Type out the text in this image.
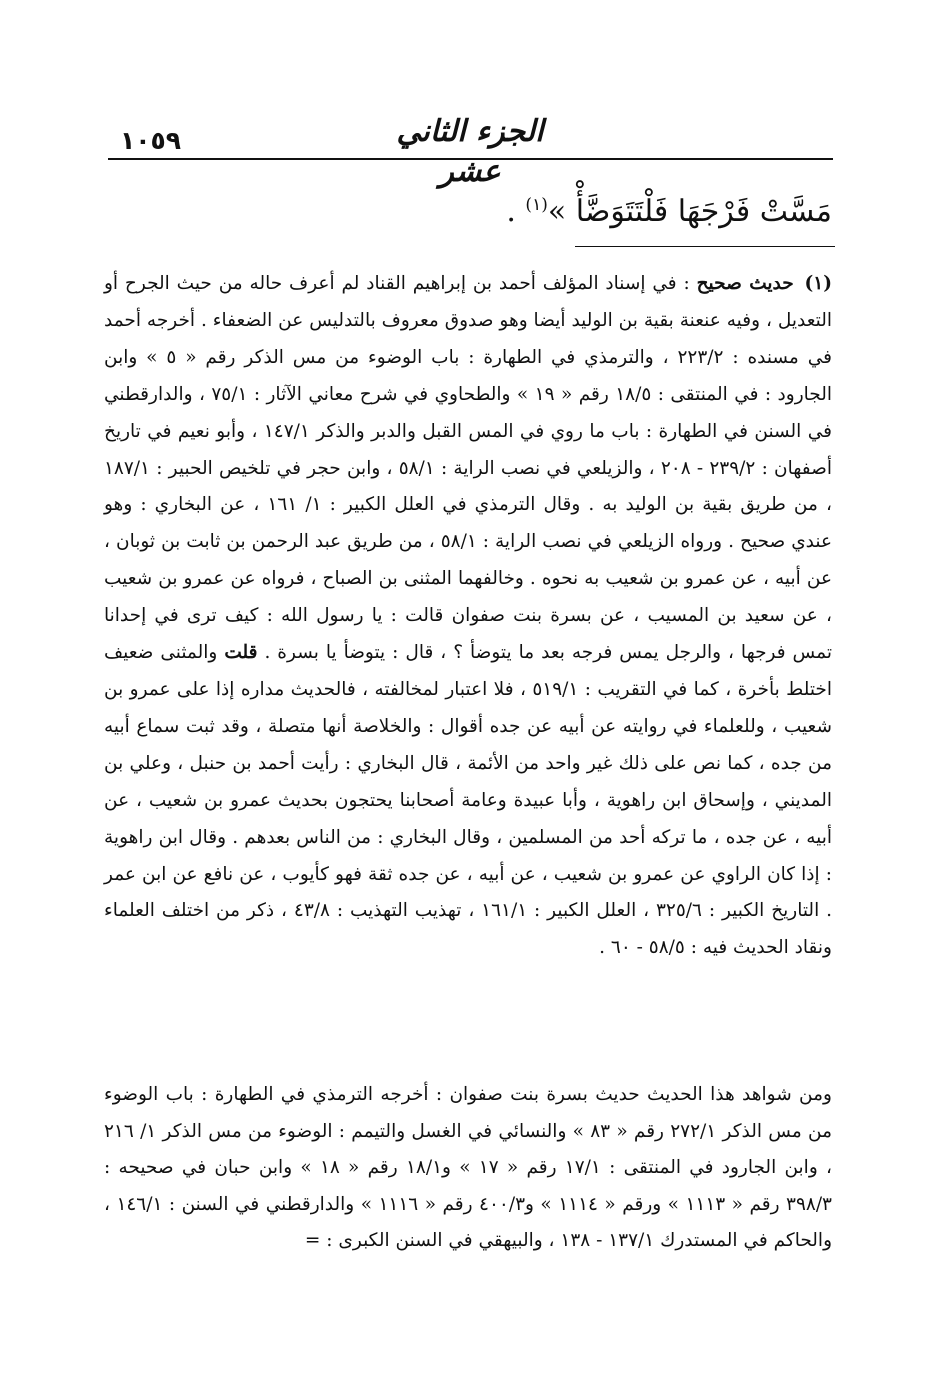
١٠٥٩	الجزء الثاني عشر
مَسَّتْ فَرْجَهَا فَلْتَتَوَضَّأْ »$^{(١)}$ .

(١) حديث صحيح : في إسناد المؤلف أحمد بن إبراهيم القناد لم أعرف حاله من حيث الجرح أو التعديل ، وفيه عنعنة بقية بن الوليد أيضا وهو صدوق معروف بالتدليس عن الضعفاء . أخرجه أحمد في مسنده : ٢٢٣/٢ ، والترمذي في الطهارة : باب الوضوء من مس الذكر رقم « ٥ » وابن الجارود : في المنتقى : ١٨/٥ رقم « ١٩ » والطحاوي في شرح معاني الآثار : ٧٥/١ ، والدارقطني في السنن في الطهارة : باب ما روي في المس القبل والدبر والذكر ١٤٧/١ ، وأبو نعيم في تاريخ أصفهان : ٢٣٩/٢ - ٢٠٨ ، والزيلعي في نصب الراية : ٥٨/١ ، وابن حجر في تلخيص الحبير : ١٨٧/١ ، من طريق بقية بن الوليد به . وقال الترمذي في العلل الكبير : ١/ ١٦١ ، عن البخاري : وهو عندي صحيح . ورواه الزيلعي في نصب الراية : ٥٨/١ ، من طريق عبد الرحمن بن ثابت بن ثوبان ، عن أبيه ، عن عمرو بن شعيب به نحوه . وخالفهما المثنى بن الصباح ، فرواه عن عمرو بن شعيب ، عن سعيد بن المسيب ، عن بسرة بنت صفوان قالت : يا رسول الله : كيف ترى في إحدانا تمس فرجها ، والرجل يمس فرجه بعد ما يتوضأ ؟ ، قال : يتوضأ يا بسرة . قلت والمثنى ضعيف اختلط بأخرة ، كما في التقريب : ٥١٩/١ ، فلا اعتبار لمخالفته ، فالحديث مداره إذا على عمرو بن شعيب ، وللعلماء في روايته عن أبيه عن جده أقوال : والخلاصة أنها متصلة ، وقد ثبت سماع أبيه من جده ، كما نص على ذلك غير واحد من الأئمة ، قال البخاري : رأيت أحمد بن حنبل ، وعلي بن المديني ، وإسحاق ابن راهوية ، وأبا عبيدة وعامة أصحابنا يحتجون بحديث عمرو بن شعيب ، عن أبيه ، عن جده ، ما تركه أحد من المسلمين ، وقال البخاري : من الناس بعدهم . وقال ابن راهوية : إذا كان الراوي عن عمرو بن شعيب ، عن أبيه ، عن جده ثقة فهو كأيوب ، عن نافع عن ابن عمر . التاريخ الكبير : ٣٢٥/٦ ، العلل الكبير : ١٦١/١ ، تهذيب التهذيب : ٤٣/٨ ، ذكر من اختلف العلماء ونقاد الحديث فيه : ٥٨/٥ - ٦٠ .

ومن شواهد هذا الحديث حديث بسرة بنت صفوان : أخرجه الترمذي في الطهارة : باب الوضوء من مس الذكر ٢٧٢/١ رقم « ٨٣ » والنسائي في الغسل والتيمم : الوضوء من مس الذكر ١/ ٢١٦ ، وابن الجارود في المنتقى : ١٧/١ رقم « ١٧ » و١٨/١ رقم « ١٨ » وابن حبان في صحيحه : ٣٩٨/٣ رقم « ١١١٣ » ورقم « ١١١٤ » و٤٠٠/٣ رقم « ١١١٦ » والدارقطني في السنن : ١٤٦/١ ، والحاكم في المستدرك ١٣٧/١ - ١٣٨ ، والبيهقي في السنن الكبرى : =
